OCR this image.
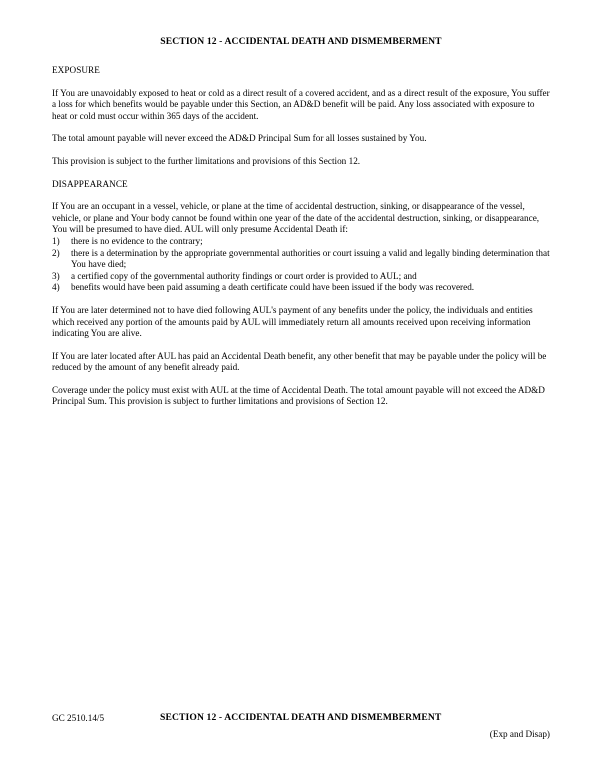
SECTION 12 - ACCIDENTAL DEATH AND DISMEMBERMENT
EXPOSURE

If You are unavoidably exposed to heat or cold as a direct result of a covered accident, and as a direct result of the exposure, You suffer a loss for which benefits would be payable under this Section, an AD&D benefit will be paid. Any loss associated with exposure to heat or cold must occur within 365 days of the accident.

The total amount payable will never exceed the AD&D Principal Sum for all losses sustained by You.

This provision is subject to the further limitations and provisions of this Section 12.

DISAPPEARANCE

If You are an occupant in a vessel, vehicle, or plane at the time of accidental destruction, sinking, or disappearance of the vessel, vehicle, or plane and Your body cannot be found within one year of the date of the accidental destruction, sinking, or disappearance, You will be presumed to have died. AUL will only presume Accidental Death if:

1)	there is no evidence to the contrary;
2)	there is a determination by the appropriate governmental authorities or court issuing a valid and legally binding determination that You have died;
3)	a certified copy of the governmental authority findings or court order is provided to AUL; and
4)	benefits would have been paid assuming a death certificate could have been issued if the body was recovered.

If You are later determined not to have died following AUL's payment of any benefits under the policy, the individuals and entities which received any portion of the amounts paid by AUL will immediately return all amounts received upon receiving information indicating You are alive.

If You are later located after AUL has paid an Accidental Death benefit, any other benefit that may be payable under the policy will be reduced by the amount of any benefit already paid.

Coverage under the policy must exist with AUL at the time of Accidental Death. The total amount payable will not exceed the AD&D Principal Sum. This provision is subject to further limitations and provisions of Section 12.

GC 2510.14/5	SECTION 12 - ACCIDENTAL DEATH AND DISMEMBERMENT
(Exp and Disap)
